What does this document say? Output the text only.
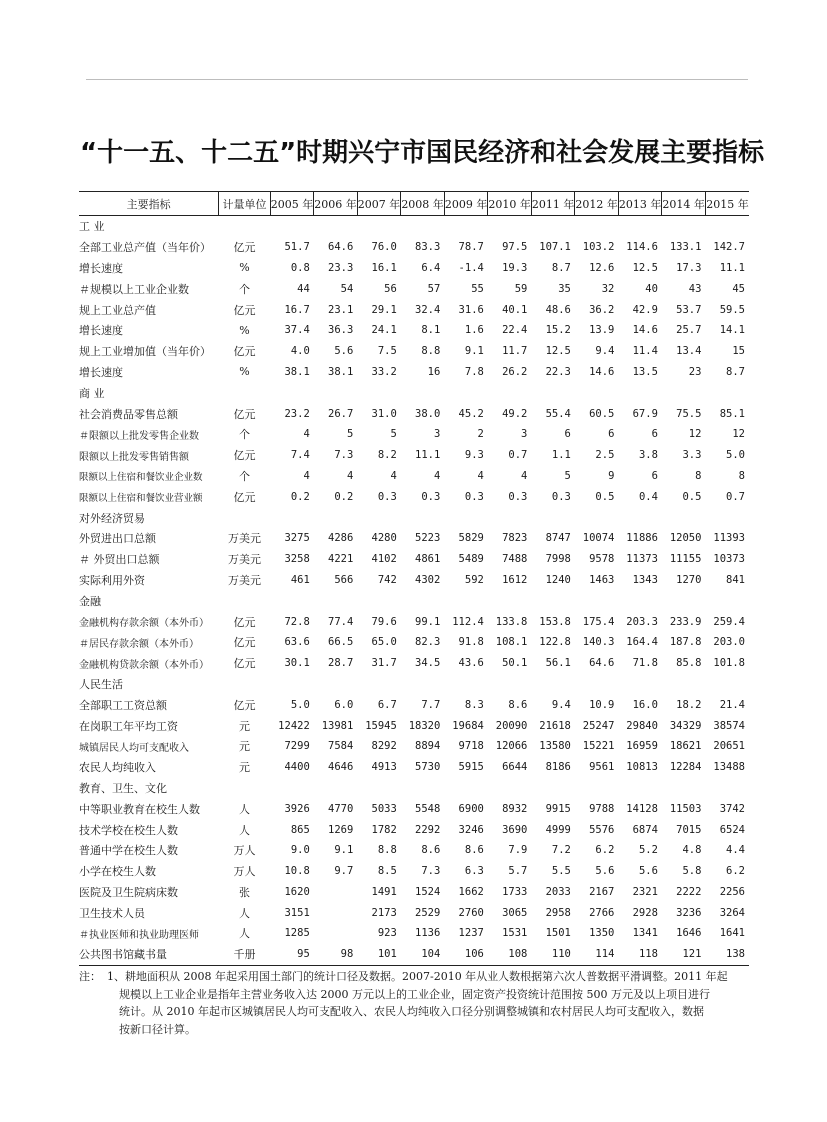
“十一五、十二五”时期兴宁市国民经济和社会发展主要指标
主要指标	计量单位	2005 年	2006 年	2007 年	2008 年	2009 年	2010 年	2011 年	2012 年	2013 年	2014 年	2015 年
工 业												
全部工业总产值（当年价）	亿元	51.7	64.6	76.0	83.3	78.7	97.5	107.1	103.2	114.6	133.1	142.7
增长速度	%	0.8	23.3	16.1	6.4	-1.4	19.3	8.7	12.6	12.5	17.3	11.1
＃规模以上工业企业数	个	44	54	56	57	55	59	35	32	40	43	45
规上工业总产值	亿元	16.7	23.1	29.1	32.4	31.6	40.1	48.6	36.2	42.9	53.7	59.5
增长速度	%	37.4	36.3	24.1	8.1	1.6	22.4	15.2	13.9	14.6	25.7	14.1
规上工业增加值（当年价）	亿元	4.0	5.6	7.5	8.8	9.1	11.7	12.5	9.4	11.4	13.4	15
增长速度	%	38.1	38.1	33.2	16	7.8	26.2	22.3	14.6	13.5	23	8.7
商 业												
社会消费品零售总额	亿元	23.2	26.7	31.0	38.0	45.2	49.2	55.4	60.5	67.9	75.5	85.1
＃限额以上批发零售企业数	个	4	5	5	3	2	3	6	6	6	12	12
限额以上批发零售销售额	亿元	7.4	7.3	8.2	11.1	9.3	0.7	1.1	2.5	3.8	3.3	5.0
限额以上住宿和餐饮业企业数	个	4	4	4	4	4	4	5	9	6	8	8
限额以上住宿和餐饮业营业额	亿元	0.2	0.2	0.3	0.3	0.3	0.3	0.3	0.5	0.4	0.5	0.7
对外经济贸易												
外贸进出口总额	万美元	3275	4286	4280	5223	5829	7823	8747	10074	11886	12050	11393
＃ 外贸出口总额	万美元	3258	4221	4102	4861	5489	7488	7998	9578	11373	11155	10373
实际利用外资	万美元	461	566	742	4302	592	1612	1240	1463	1343	1270	841
金融												
金融机构存款余额（本外币）	亿元	72.8	77.4	79.6	99.1	112.4	133.8	153.8	175.4	203.3	233.9	259.4
＃居民存款余额（本外币）	亿元	63.6	66.5	65.0	82.3	91.8	108.1	122.8	140.3	164.4	187.8	203.0
金融机构贷款余额（本外币）	亿元	30.1	28.7	31.7	34.5	43.6	50.1	56.1	64.6	71.8	85.8	101.8
人民生活												
全部职工工资总额	亿元	5.0	6.0	6.7	7.7	8.3	8.6	9.4	10.9	16.0	18.2	21.4
在岗职工年平均工资	元	12422	13981	15945	18320	19684	20090	21618	25247	29840	34329	38574
城镇居民人均可支配收入	元	7299	7584	8292	8894	9718	12066	13580	15221	16959	18621	20651
农民人均纯收入	元	4400	4646	4913	5730	5915	6644	8186	9561	10813	12284	13488
教育、卫生、文化												
中等职业教育在校生人数	人	3926	4770	5033	5548	6900	8932	9915	9788	14128	11503	3742
技术学校在校生人数	人	865	1269	1782	2292	3246	3690	4999	5576	6874	7015	6524
普通中学在校生人数	万人	9.0	9.1	8.8	8.6	8.6	7.9	7.2	6.2	5.2	4.8	4.4
小学在校生人数	万人	10.8	9.7	8.5	7.3	6.3	5.7	5.5	5.6	5.6	5.8	6.2
医院及卫生院病床数	张	1620		1491	1524	1662	1733	2033	2167	2321	2222	2256
卫生技术人员	人	3151		2173	2529	2760	3065	2958	2766	2928	3236	3264
＃执业医师和执业助理医师	人	1285		923	1136	1237	1531	1501	1350	1341	1646	1641
公共图书馆藏书量	千册	95	98	101	104	106	108	110	114	118	121	138
注： 1、耕地面积从 2008 年起采用国土部门的统计口径及数据。2007-2010 年从业人数根据第六次人普数据平滑调整。2011 年起
规模以上工业企业是指年主营业务收入达 2000 万元以上的工业企业，固定资产投资统计范围按 500 万元及以上项目进行
统计。从 2010 年起市区城镇居民人均可支配收入、农民人均纯收入口径分别调整城镇和农村居民人均可支配收入，数据
按新口径计算。
